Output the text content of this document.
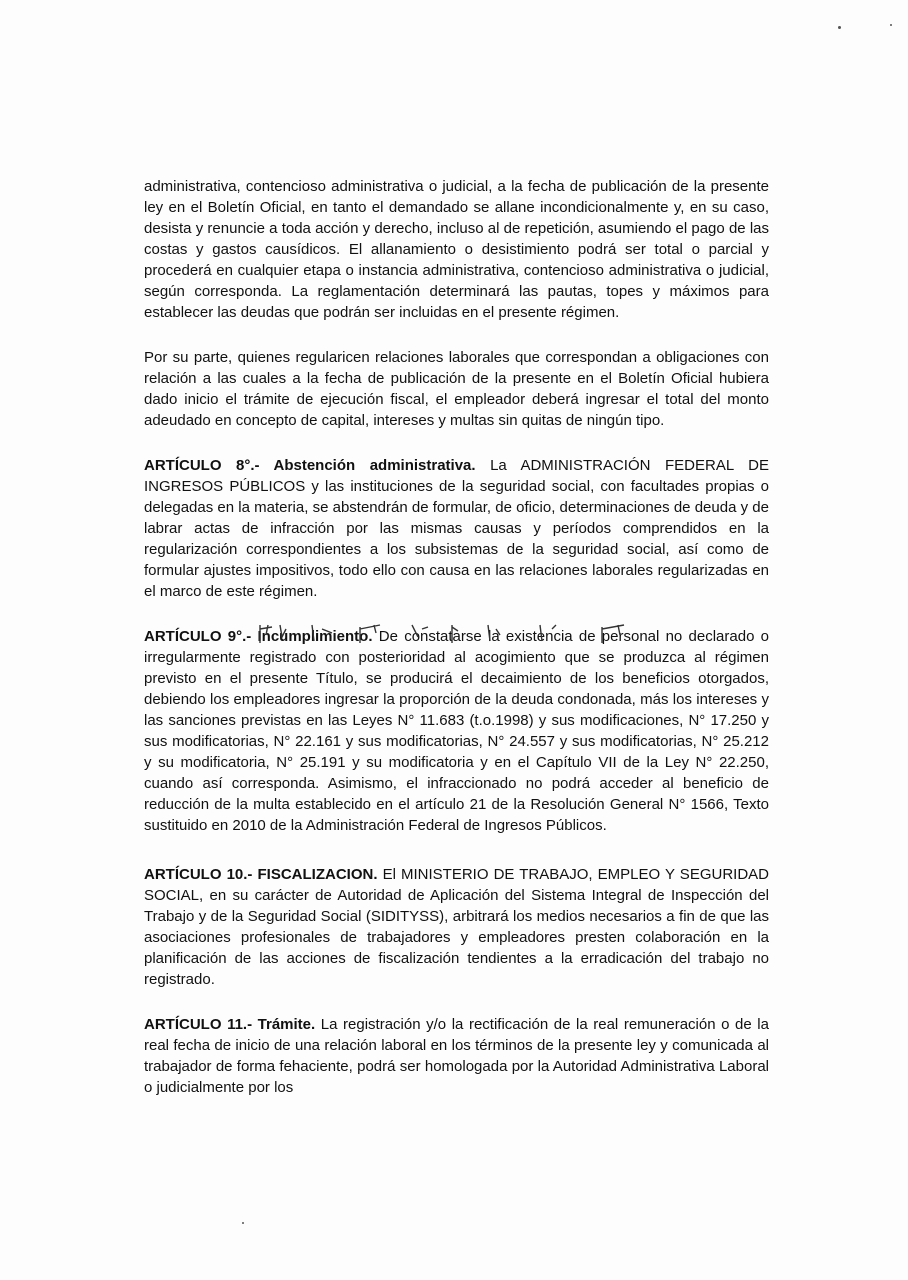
administrativa, contencioso administrativa o judicial, a la fecha de publicación de la presente ley en el Boletín Oficial, en tanto el demandado se allane incondicionalmente y, en su caso, desista y renuncie a toda acción y derecho, incluso al de repetición, asumiendo el pago de las costas y gastos causídicos. El allanamiento o desistimiento podrá ser total o parcial y procederá en cualquier etapa o instancia administrativa, contencioso administrativa o judicial, según corresponda. La reglamentación determinará las pautas, topes y máximos para establecer las deudas que podrán ser incluidas en el presente régimen.

Por su parte, quienes regularicen relaciones laborales que correspondan a obligaciones con relación a las cuales a la fecha de publicación de la presente en el Boletín Oficial hubiera dado inicio el trámite de ejecución fiscal, el empleador deberá ingresar el total del monto adeudado en concepto de capital, intereses y multas sin quitas de ningún tipo.

ARTÍCULO 8°.- Abstención administrativa. La ADMINISTRACIÓN FEDERAL DE INGRESOS PÚBLICOS y las instituciones de la seguridad social, con facultades propias o delegadas en la materia, se abstendrán de formular, de oficio, determinaciones de deuda y de labrar actas de infracción por las mismas causas y períodos comprendidos en la regularización correspondientes a los subsistemas de la seguridad social, así como de formular ajustes impositivos, todo ello con causa en las relaciones laborales regularizadas en el marco de este régimen.

ARTÍCULO 9°.- Incumplimiento. De constatarse la existencia de personal no declarado o irregularmente registrado con posterioridad al acogimiento que se produzca al régimen previsto en el presente Título, se producirá el decaimiento de los beneficios otorgados, debiendo los empleadores ingresar la proporción de la deuda condonada, más los intereses y las sanciones previstas en las Leyes N° 11.683 (t.o.1998) y sus modificaciones, N° 17.250 y sus modificatorias, N° 22.161 y sus modificatorias, N° 24.557 y sus modificatorias, N° 25.212 y su modificatoria, N° 25.191 y su modificatoria y en el Capítulo VII de la Ley N° 22.250, cuando así corresponda. Asimismo, el infraccionado no podrá acceder al beneficio de reducción de la multa establecido en el artículo 21 de la Resolución General N° 1566, Texto sustituido en 2010 de la Administración Federal de Ingresos Públicos.

ARTÍCULO 10.- FISCALIZACION. El MINISTERIO DE TRABAJO, EMPLEO Y SEGURIDAD SOCIAL, en su carácter de Autoridad de Aplicación del Sistema Integral de Inspección del Trabajo y de la Seguridad Social (SIDITYSS), arbitrará los medios necesarios a fin de que las asociaciones profesionales de trabajadores y empleadores presten colaboración en la planificación de las acciones de fiscalización tendientes a la erradicación del trabajo no registrado.

ARTÍCULO 11.- Trámite. La registración y/o la rectificación de la real remuneración o de la real fecha de inicio de una relación laboral en los términos de la presente ley y comunicada al trabajador de forma fehaciente, podrá ser homologada por la Autoridad Administrativa Laboral o judicialmente por los
